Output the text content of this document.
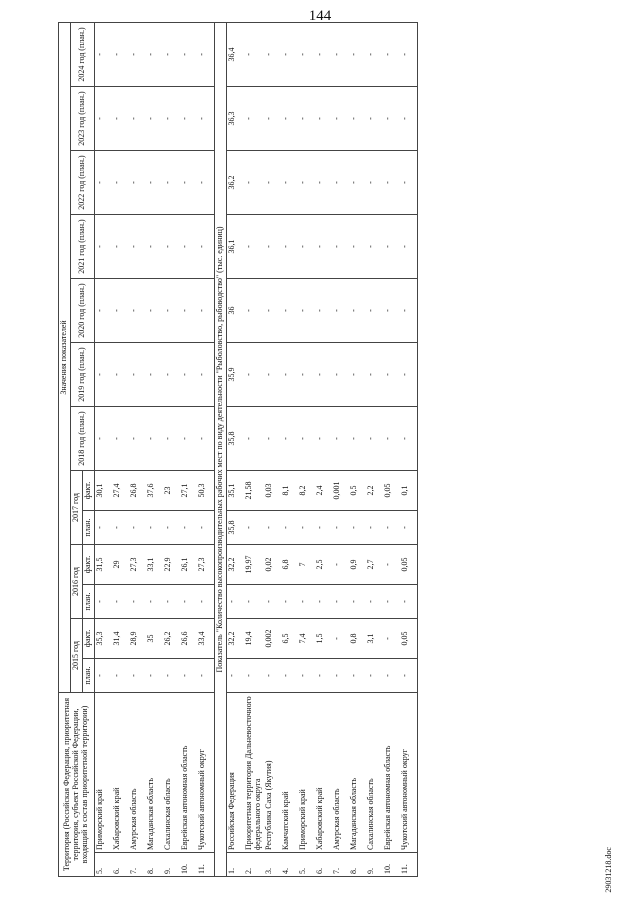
144
Территория (Российская Федерация, приоритетная территория, субъект Российской Федерации, входящий в состав приоритетной территории)		Значения показателей												
		2015 год		2016 год		2017 год		2018 год (план.)	2019 год (план.)	2020 год (план.)	2021 год (план.)	2022 год (план.)	2023 год (план.)	2024 год (план.)
		план.	факт.	план.	факт.	план.	факт.							
5.	Приморский край	-	35,3	-	31,5	-	30,1	-	-	-	-	-	-	-
6.	Хабаровский край	-	31,4	-	29	-	27,4	-	-	-	-	-	-	-
7.	Амурская область	-	28,9	-	27,3	-	26,8	-	-	-	-	-	-	-
8.	Магаданская область	-	35	-	33,1	-	37,6	-	-	-	-	-	-	-
9.	Сахалинская область	-	26,2	-	22,9	-	23	-	-	-	-	-	-	-
10.	Еврейская автономная область	-	26,6	-	26,1	-	27,1	-	-	-	-	-	-	-
11.	Чукотский автономный округ	-	33,4	-	27,3	-	50,3	-	-	-	-	-	-	-
Показатель "Количество высокопроизводительных рабочих мест по виду деятельности "Рыболовство, рыбоводство" (тыс. единиц)														
1.	Российская Федерация	-	32,2	-	32,2	35,8	35,1	35,8	35,9	36	36,1	36,2	36,3	36,4
2.	Приоритетная территория Дальневосточного федерального округа	-	19,4	-	19,97	-	21,58	-	-	-	-	-	-	-
3.	Республика Саха (Якутия)	-	0,002	-	0,02	-	0,03	-	-	-	-	-	-	-
4.	Камчатский край	-	6,5	-	6,8	-	8,1	-	-	-	-	-	-	-
5.	Приморский край	-	7,4	-	7	-	8,2	-	-	-	-	-	-	-
6.	Хабаровский край	-	1,5	-	2,5	-	2,4	-	-	-	-	-	-	-
7.	Амурская область	-	-	-	-	-	0,001	-	-	-	-	-	-	-
8.	Магаданская область	-	0,8	-	0,9	-	0,5	-	-	-	-	-	-	-
9.	Сахалинская область	-	3,1	-	2,7	-	2,2	-	-	-	-	-	-	-
10.	Еврейская автономная область	-	-	-	-	-	0,05	-	-	-	-	-	-	-
11.	Чукотский автономный округ	-	0,05	-	0,05	-	0,1	-	-	-	-	-	-	-
29031218.doc
